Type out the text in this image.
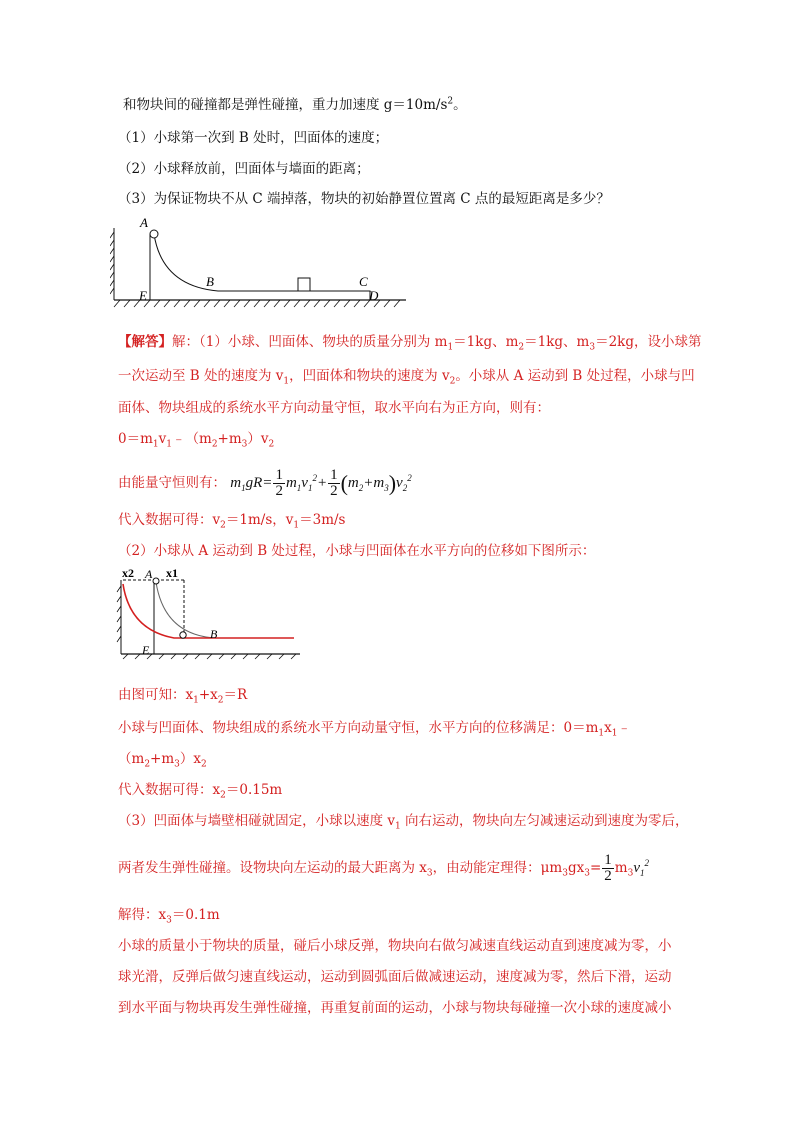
和物块间的碰撞都是弹性碰撞，重力加速度 $g=10m/s^2$。
（1）小球第一次到 B 处时，凹面体的速度；
（2）小球释放前，凹面体与墙面的距离；
（3）为保证物块不从 C 端掉落，物块的初始静置位置离 C 点的最短距离是多少？
A
B	C
E	D
【解答】解：（1）小球、凹面体、物块的质量分别为 $m_1=1kg$、$m_2=1kg$、$m_3=2kg$，设小球第
一次运动至 B 处的速度为 $v_1$，凹面体和物块的速度为 $v_2$。小球从 A 运动到 B 处过程，小球与凹
面体、物块组成的系统水平方向动量守恒，取水平向右为正方向，则有：
$0=m_1v_1﹣(m_2+m_3)v_2$
由能量守恒则有： $m_1gR= \frac{1}{2} m_1v_1^2+ \frac{1}{2} (m_2+m_3)v_2^2$
代入数据可得：$v_2=1m/s$，$v_1=3m/s$
（2）小球从 A 运动到 B 处过程，小球与凹面体在水平方向的位移如下图所示：
x2 A x1
B
E
由图可知：$x_1+x_2=R$
小球与凹面体、物块组成的系统水平方向动量守恒，水平方向的位移满足：$0=m_1x_1﹣$
$(m_2+m_3)x_2$
代入数据可得：$x_2=0.15m$
（3）凹面体与墙壁相碰就固定，小球以速度 $v_1$ 向右运动，物块向左匀减速运动到速度为零后，
两者发生弹性碰撞。设物块向左运动的最大距离为 $x_3$，由动能定理得：$\mu m_3gx_3= \frac{1}{2} m_3v_1^2$
解得：$x_3=0.1m$
小球的质量小于物块的质量，碰后小球反弹，物块向右做匀减速直线运动直到速度减为零，小
球光滑，反弹后做匀速直线运动，运动到圆弧面后做减速运动，速度减为零，然后下滑，运动
到水平面与物块再发生弹性碰撞，再重复前面的运动，小球与物块每碰撞一次小球的速度减小
